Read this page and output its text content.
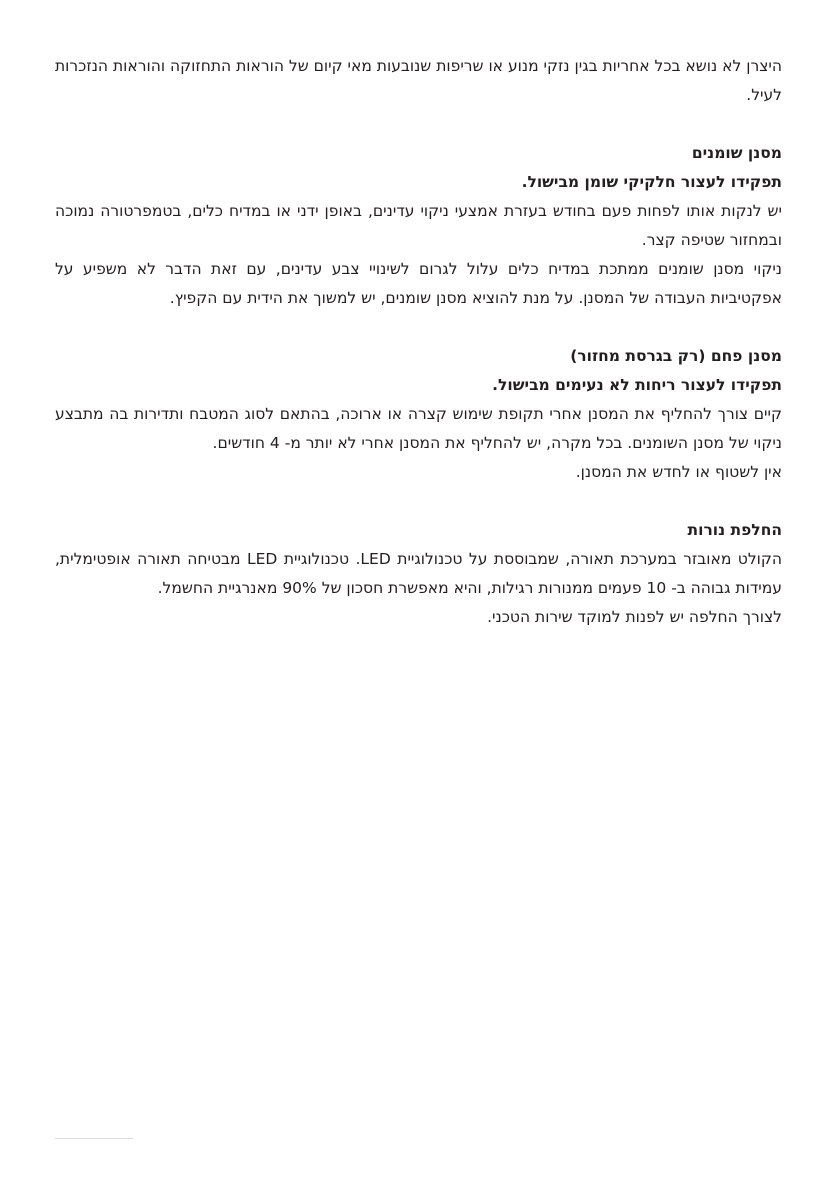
היצרן לא נושא בכל אחריות בגין נזקי מנוע או שריפות שנובעות מאי קיום של הוראות התחזוקה והוראות הנזכרות לעיל.

מסנן שומנים

תפקידו לעצור חלקיקי שומן מבישול.

יש לנקות אותו לפחות פעם בחודש בעזרת אמצעי ניקוי עדינים, באופן ידני או במדיח כלים, בטמפרטורה נמוכה ובמחזור שטיפה קצר.

ניקוי מסנן שומנים ממתכת במדיח כלים עלול לגרום לשינויי צבע עדינים, עם זאת הדבר לא משפיע על אפקטיביות העבודה של המסנן. על מנת להוציא מסנן שומנים, יש למשוך את הידית עם הקפיץ.

מסנן פחם (רק בגרסת מחזור)

תפקידו לעצור ריחות לא נעימים מבישול.

קיים צורך להחליף את המסנן אחרי תקופת שימוש קצרה או ארוכה, בהתאם לסוג המטבח ותדירות בה מתבצע ניקוי של מסנן השומנים. בכל מקרה, יש להחליף את המסנן אחרי לא יותר מ- 4 חודשים.

אין לשטוף או לחדש את המסנן.

החלפת נורות

הקולט מאובזר במערכת תאורה, שמבוססת על טכנולוגיית LED. טכנולוגיית LED מבטיחה תאורה אופטימלית, עמידות גבוהה ב- 10 פעמים ממנורות רגילות, והיא מאפשרת חסכון של 90% מאנרגיית החשמל.

לצורך החלפה יש לפנות למוקד שירות הטכני.
